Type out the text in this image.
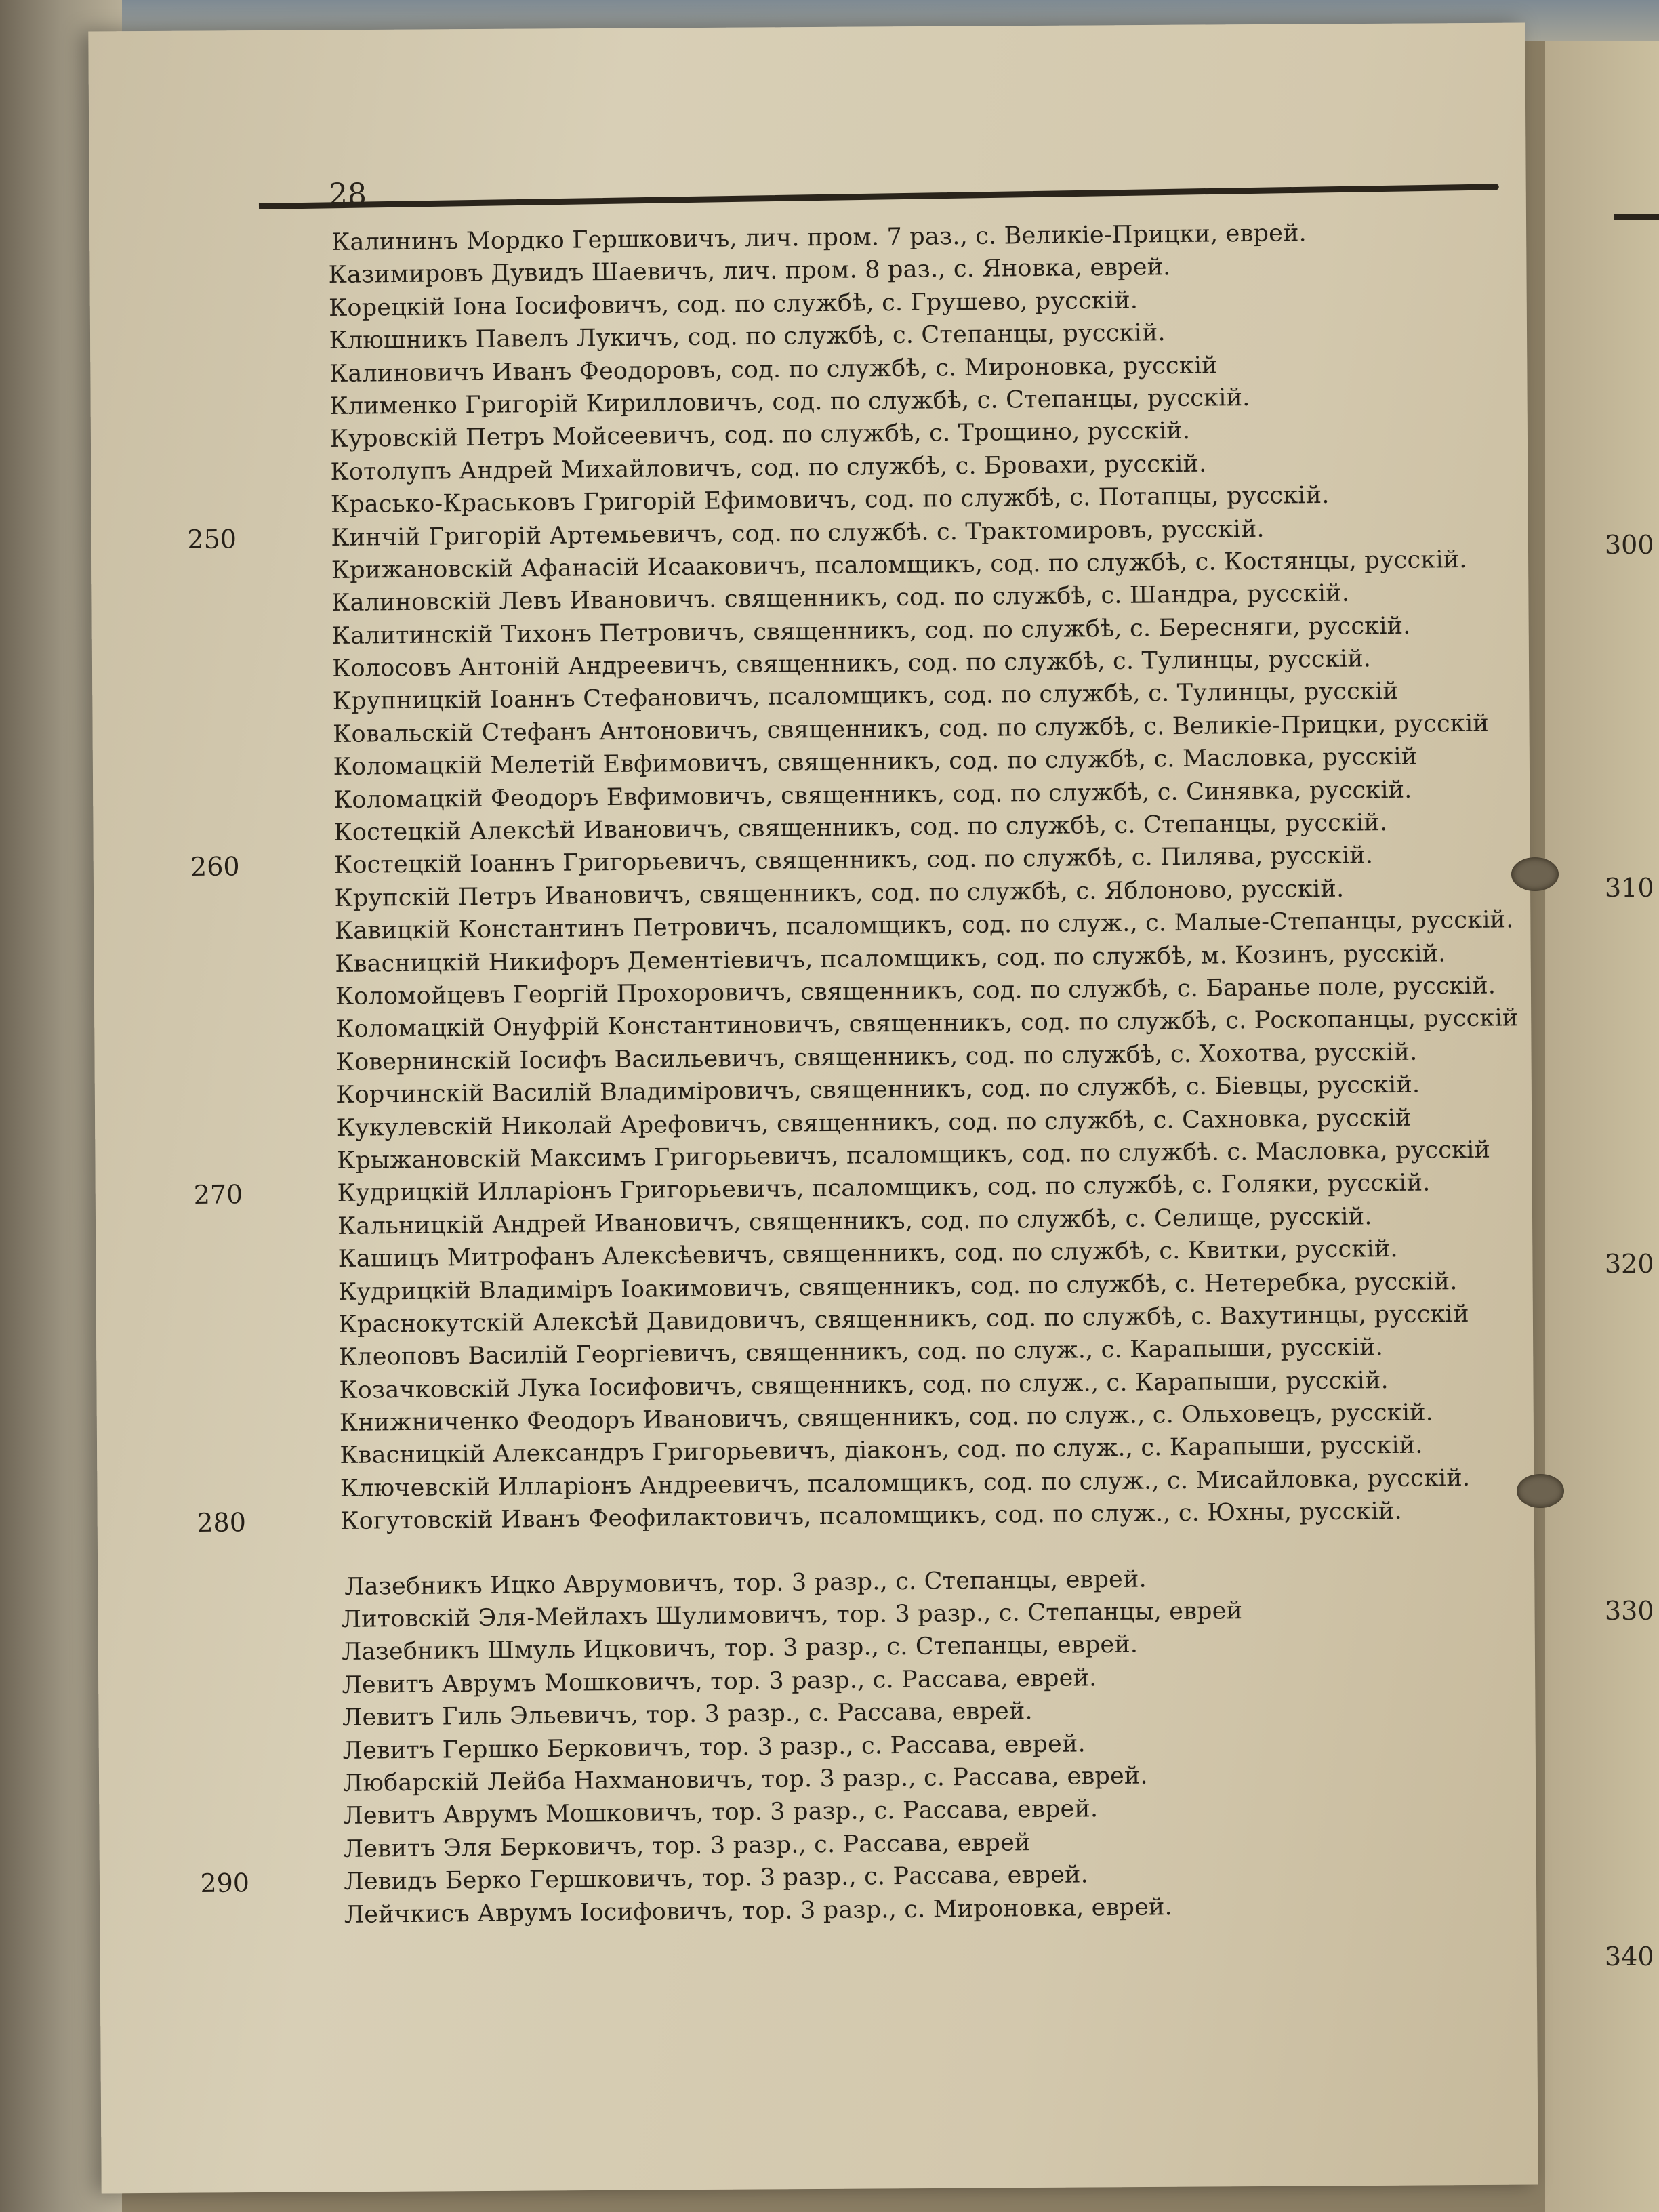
28
Калининъ Мордко Гершковичъ, лич. пром. 7 раз., с. Великіе-Прицки, еврей.
Казимировъ Дувидъ Шаевичъ, лич. пром. 8 раз., с. Яновка, еврей.
Корецкій Іона Іосифовичъ, сод. по службѣ, с. Грушево, русскій.
Клюшникъ Павелъ Лукичъ, сод. по службѣ, с. Степанцы, русскій.
Калиновичъ Иванъ Феодоровъ, сод. по службѣ, с. Мироновка, русскій
Клименко Григорій Кирилловичъ, сод. по службѣ, с. Степанцы, русскій.
Куровскій Петръ Мойсеевичъ, сод. по службѣ, с. Трощино, русскій.
Котолупъ Андрей Михайловичъ, сод. по службѣ, с. Бровахи, русскій.
Красько-Краськовъ Григорій Ефимовичъ, сод. по службѣ, с. Потапцы, русскій.
250	Кинчій Григорій Артемьевичъ, сод. по службѣ. с. Трактомировъ, русскій.
Крижановскій Афанасій Исааковичъ, псаломщикъ, сод. по службѣ, с. Костянцы, русскій.
Калиновскій Левъ Ивановичъ. священникъ, сод. по службѣ, с. Шандра, русскій.
Калитинскій Тихонъ Петровичъ, священникъ, сод. по службѣ, с. Бересняги, русскій.
Колосовъ Антоній Андреевичъ, священникъ, сод. по службѣ, с. Тулинцы, русскій.
Крупницкій Іоаннъ Стефановичъ, псаломщикъ, сод. по службѣ, с. Тулинцы, русскій
Ковальскій Стефанъ Антоновичъ, священникъ, сод. по службѣ, с. Великіе-Прицки, русскій
Коломацкій Мелетій Евфимовичъ, священникъ, сод. по службѣ, с. Масловка, русскій
Коломацкій Феодоръ Евфимовичъ, священникъ, сод. по службѣ, с. Синявка, русскій.
Костецкій Алексѣй Ивановичъ, священникъ, сод. по службѣ, с. Степанцы, русскій.
260	Костецкій Іоаннъ Григорьевичъ, священникъ, сод. по службѣ, с. Пилява, русскій.
Крупскій Петръ Ивановичъ, священникъ, сод. по службѣ, с. Яблоново, русскій.
Кавицкій Константинъ Петровичъ, псаломщикъ, сод. по служ., с. Малые-Степанцы, русскій.
Квасницкій Никифоръ Дементіевичъ, псаломщикъ, сод. по службѣ, м. Козинъ, русскій.
Коломойцевъ Георгій Прохоровичъ, священникъ, сод. по службѣ, с. Баранье поле, русскій.
Коломацкій Онуфрій Константиновичъ, священникъ, сод. по службѣ, с. Роскопанцы, русскій
Ковернинскій Іосифъ Васильевичъ, священникъ, сод. по службѣ, с. Хохотва, русскій.
Корчинскій Василій Владиміровичъ, священникъ, сод. по службѣ, с. Біевцы, русскій.
Кукулевскій Николай Арефовичъ, священникъ, сод. по службѣ, с. Сахновка, русскій
Крыжановскій Максимъ Григорьевичъ, псаломщикъ, сод. по службѣ. с. Масловка, русскій
270	Кудрицкій Илларіонъ Григорьевичъ, псаломщикъ, сод. по службѣ, с. Голяки, русскій.
Кальницкій Андрей Ивановичъ, священникъ, сод. по службѣ, с. Селище, русскій.
Кашицъ Митрофанъ Алексѣевичъ, священникъ, сод. по службѣ, с. Квитки, русскій.
Кудрицкій Владиміръ Іоакимовичъ, священникъ, сод. по службѣ, с. Нетеребка, русскій.
Краснокутскій Алексѣй Давидовичъ, священникъ, сод. по службѣ, с. Вахутинцы, русскій
Клеоповъ Василій Георгіевичъ, священникъ, сод. по служ., с. Карапыши, русскій.
Козачковскій Лука Іосифовичъ, священникъ, сод. по служ., с. Карапыши, русскій.
Книжниченко Феодоръ Ивановичъ, священникъ, сод. по служ., с. Ольховецъ, русскій.
Квасницкій Александръ Григорьевичъ, діаконъ, сод. по служ., с. Карапыши, русскій.
Ключевскій Илларіонъ Андреевичъ, псаломщикъ, сод. по служ., с. Мисайловка, русскій.
280	Когутовскій Иванъ Феофилактовичъ, псаломщикъ, сод. по служ., с. Юхны, русскій.
Лазебникъ Ицко Аврумовичъ, тор. 3 разр., с. Степанцы, еврей.
Литовскій Эля-Мейлахъ Шулимовичъ, тор. 3 разр., с. Степанцы, еврей
Лазебникъ Шмуль Ицковичъ, тор. 3 разр., с. Степанцы, еврей.
Левитъ Аврумъ Мошковичъ, тор. 3 разр., с. Рассава, еврей.
Левитъ Гиль Эльевичъ, тор. 3 разр., с. Рассава, еврей.
Левитъ Гершко Берковичъ, тор. 3 разр., с. Рассава, еврей.
Любарскій Лейба Нахмановичъ, тор. 3 разр., с. Рассава, еврей.
Левитъ Аврумъ Мошковичъ, тор. 3 разр., с. Рассава, еврей.
Левитъ Эля Берковичъ, тор. 3 разр., с. Рассава, еврей
290	Левидъ Берко Гершковичъ, тор. 3 разр., с. Рассава, еврей.
Лейчкисъ Аврумъ Іосифовичъ, тор. 3 разр., с. Мироновка, еврей.
300
310
320
330
340
